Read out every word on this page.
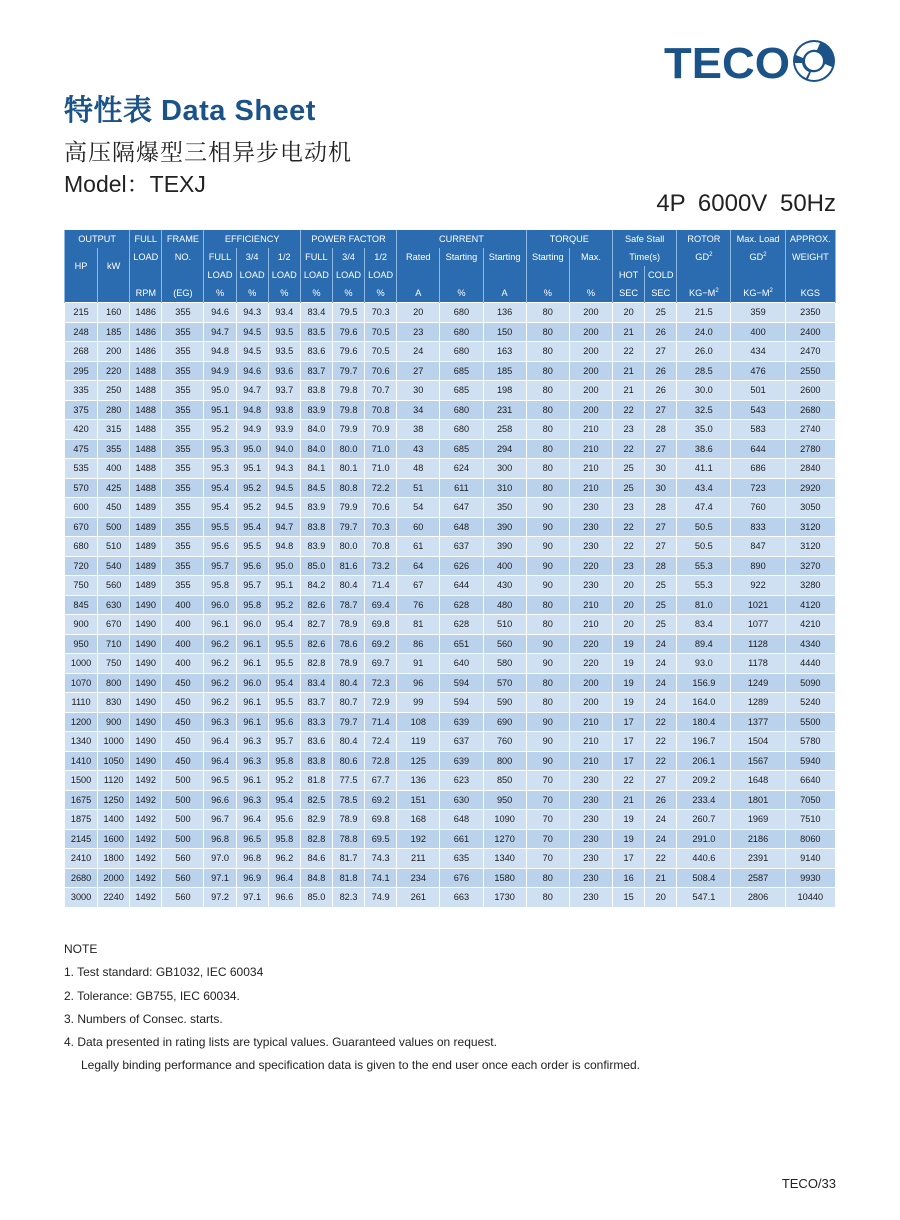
TECO
特性表 Data Sheet
高压隔爆型三相异步电动机
Model：TEXJ
4P 6000V 50Hz
OUTPUT		FULL	FRAME	EFFICIENCY			POWER FACTOR			CURRENT			TORQUE		Safe Stall		ROTOR	Max. Load	APPROX.
HP	kW	LOAD	NO.	FULL	3/4	1/2	FULL	3/4	1/2	Rated	Starting	Starting	Starting	Max.	Time(s)		$GD^2$	$GD^2$	WEIGHT
				LOAD	LOAD	LOAD	LOAD	LOAD	LOAD						HOT	COLD			
		RPM	(EG)	%	%	%	%	%	%	A	%	A	%	%	SEC	SEC	$KG-M^2$	$KG-M^2$	KGS
215	160	1486	355	94.6	94.3	93.4	83.4	79.5	70.3	20	680	136	80	200	20	25	21.5	359	2350
248	185	1486	355	94.7	94.5	93.5	83.5	79.6	70.5	23	680	150	80	200	21	26	24.0	400	2400
268	200	1486	355	94.8	94.5	93.5	83.6	79.6	70.5	24	680	163	80	200	22	27	26.0	434	2470
295	220	1488	355	94.9	94.6	93.6	83.7	79.7	70.6	27	685	185	80	200	21	26	28.5	476	2550
335	250	1488	355	95.0	94.7	93.7	83.8	79.8	70.7	30	685	198	80	200	21	26	30.0	501	2600
375	280	1488	355	95.1	94.8	93.8	83.9	79.8	70.8	34	680	231	80	200	22	27	32.5	543	2680
420	315	1488	355	95.2	94.9	93.9	84.0	79.9	70.9	38	680	258	80	210	23	28	35.0	583	2740
475	355	1488	355	95.3	95.0	94.0	84.0	80.0	71.0	43	685	294	80	210	22	27	38.6	644	2780
535	400	1488	355	95.3	95.1	94.3	84.1	80.1	71.0	48	624	300	80	210	25	30	41.1	686	2840
570	425	1488	355	95.4	95.2	94.5	84.5	80.8	72.2	51	611	310	80	210	25	30	43.4	723	2920
600	450	1489	355	95.4	95.2	94.5	83.9	79.9	70.6	54	647	350	90	230	23	28	47.4	760	3050
670	500	1489	355	95.5	95.4	94.7	83.8	79.7	70.3	60	648	390	90	230	22	27	50.5	833	3120
680	510	1489	355	95.6	95.5	94.8	83.9	80.0	70.8	61	637	390	90	230	22	27	50.5	847	3120
720	540	1489	355	95.7	95.6	95.0	85.0	81.6	73.2	64	626	400	90	220	23	28	55.3	890	3270
750	560	1489	355	95.8	95.7	95.1	84.2	80.4	71.4	67	644	430	90	230	20	25	55.3	922	3280
845	630	1490	400	96.0	95.8	95.2	82.6	78.7	69.4	76	628	480	80	210	20	25	81.0	1021	4120
900	670	1490	400	96.1	96.0	95.4	82.7	78.9	69.8	81	628	510	80	210	20	25	83.4	1077	4210
950	710	1490	400	96.2	96.1	95.5	82.6	78.6	69.2	86	651	560	90	220	19	24	89.4	1128	4340
1000	750	1490	400	96.2	96.1	95.5	82.8	78.9	69.7	91	640	580	90	220	19	24	93.0	1178	4440
1070	800	1490	450	96.2	96.0	95.4	83.4	80.4	72.3	96	594	570	80	200	19	24	156.9	1249	5090
1110	830	1490	450	96.2	96.1	95.5	83.7	80.7	72.9	99	594	590	80	200	19	24	164.0	1289	5240
1200	900	1490	450	96.3	96.1	95.6	83.3	79.7	71.4	108	639	690	90	210	17	22	180.4	1377	5500
1340	1000	1490	450	96.4	96.3	95.7	83.6	80.4	72.4	119	637	760	90	210	17	22	196.7	1504	5780
1410	1050	1490	450	96.4	96.3	95.8	83.8	80.6	72.8	125	639	800	90	210	17	22	206.1	1567	5940
1500	1120	1492	500	96.5	96.1	95.2	81.8	77.5	67.7	136	623	850	70	230	22	27	209.2	1648	6640
1675	1250	1492	500	96.6	96.3	95.4	82.5	78.5	69.2	151	630	950	70	230	21	26	233.4	1801	7050
1875	1400	1492	500	96.7	96.4	95.6	82.9	78.9	69.8	168	648	1090	70	230	19	24	260.7	1969	7510
2145	1600	1492	500	96.8	96.5	95.8	82.8	78.8	69.5	192	661	1270	70	230	19	24	291.0	2186	8060
2410	1800	1492	560	97.0	96.8	96.2	84.6	81.7	74.3	211	635	1340	70	230	17	22	440.6	2391	9140
2680	2000	1492	560	97.1	96.9	96.4	84.8	81.8	74.1	234	676	1580	80	230	16	21	508.4	2587	9930
3000	2240	1492	560	97.2	97.1	96.6	85.0	82.3	74.9	261	663	1730	80	230	15	20	547.1	2806	10440

NOTE

1. Test standard: GB1032, IEC 60034

2. Tolerance: GB755, IEC 60034.

3. Numbers of Consec. starts.

4. Data presented in rating lists are typical values. Guaranteed values on request.

Legally binding performance and specification data is given to the end user once each order is confirmed.

TECO/33
